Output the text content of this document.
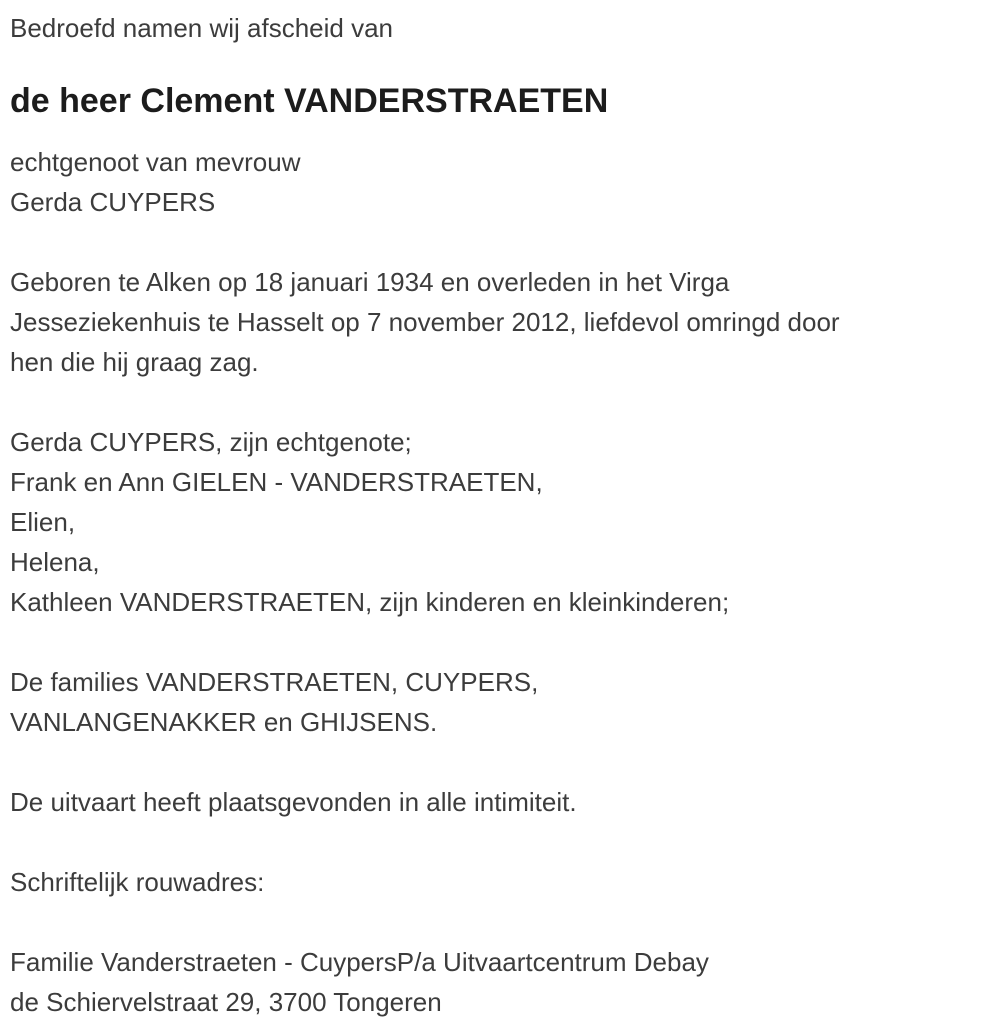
Bedroefd namen wij afscheid van
de heer Clement VANDERSTRAETEN
echtgenoot van mevrouw
Gerda CUYPERS
Geboren te Alken op 18 januari 1934 en overleden in het Virga
Jesseziekenhuis te Hasselt op 7 november 2012, liefdevol omringd door
hen die hij graag zag.
Gerda CUYPERS, zijn echtgenote;
Frank en Ann GIELEN - VANDERSTRAETEN,
Elien,
Helena,
Kathleen VANDERSTRAETEN, zijn kinderen en kleinkinderen;
De families VANDERSTRAETEN, CUYPERS,
VANLANGENAKKER en GHIJSENS.
De uitvaart heeft plaatsgevonden in alle intimiteit.
Schriftelijk rouwadres:
Familie Vanderstraeten - CuypersP/a Uitvaartcentrum Debay
de Schiervelstraat 29, 3700 Tongeren
